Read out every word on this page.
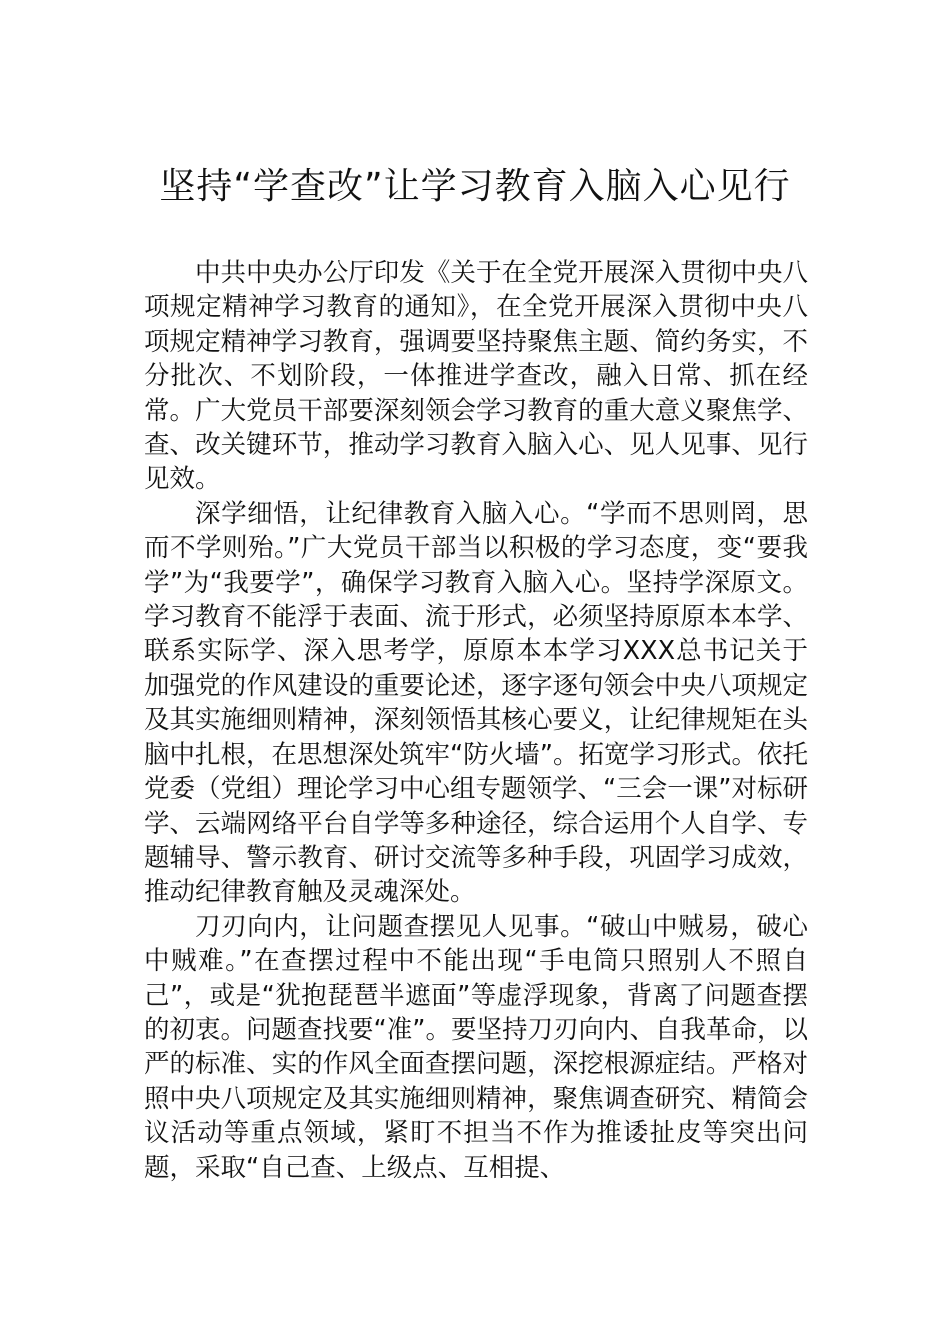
坚持“学查改”让学习教育入脑入心见行

中共中央办公厅印发《关于在全党开展深入贯彻中央八项规定精神学习教育的通知》，在全党开展深入贯彻中央八项规定精神学习教育，强调要坚持聚焦主题、简约务实，不分批次、不划阶段，一体推进学查改，融入日常、抓在经常。广大党员干部要深刻领会学习教育的重大意义聚焦学、查、改关键环节，推动学习教育入脑入心、见人见事、见行见效。

深学细悟，让纪律教育入脑入心。“学而不思则罔，思而不学则殆。”广大党员干部当以积极的学习态度，变“要我学”为“我要学”，确保学习教育入脑入心。坚持学深原文。学习教育不能浮于表面、流于形式，必须坚持原原本本学、联系实际学、深入思考学，原原本本学习XXX总书记关于加强党的作风建设的重要论述，逐字逐句领会中央八项规定及其实施细则精神，深刻领悟其核心要义，让纪律规矩在头脑中扎根，在思想深处筑牢“防火墙”。拓宽学习形式。依托党委（党组）理论学习中心组专题领学、“三会一课”对标研学、云端网络平台自学等多种途径，综合运用个人自学、专题辅导、警示教育、研讨交流等多种手段，巩固学习成效，推动纪律教育触及灵魂深处。

刀刃向内，让问题查摆见人见事。“破山中贼易，破心中贼难。”在查摆过程中不能出现“手电筒只照别人不照自己”，或是“犹抱琵琶半遮面”等虚浮现象，背离了问题查摆的初衷。问题查找要“准”。要坚持刀刃向内、自我革命，以严的标准、实的作风全面查摆问题，深挖根源症结。严格对照中央八项规定及其实施细则精神，聚焦调查研究、精简会议活动等重点领域，紧盯不担当不作为推诿扯皮等突出问题，采取“自己查、上级点、互相提、
